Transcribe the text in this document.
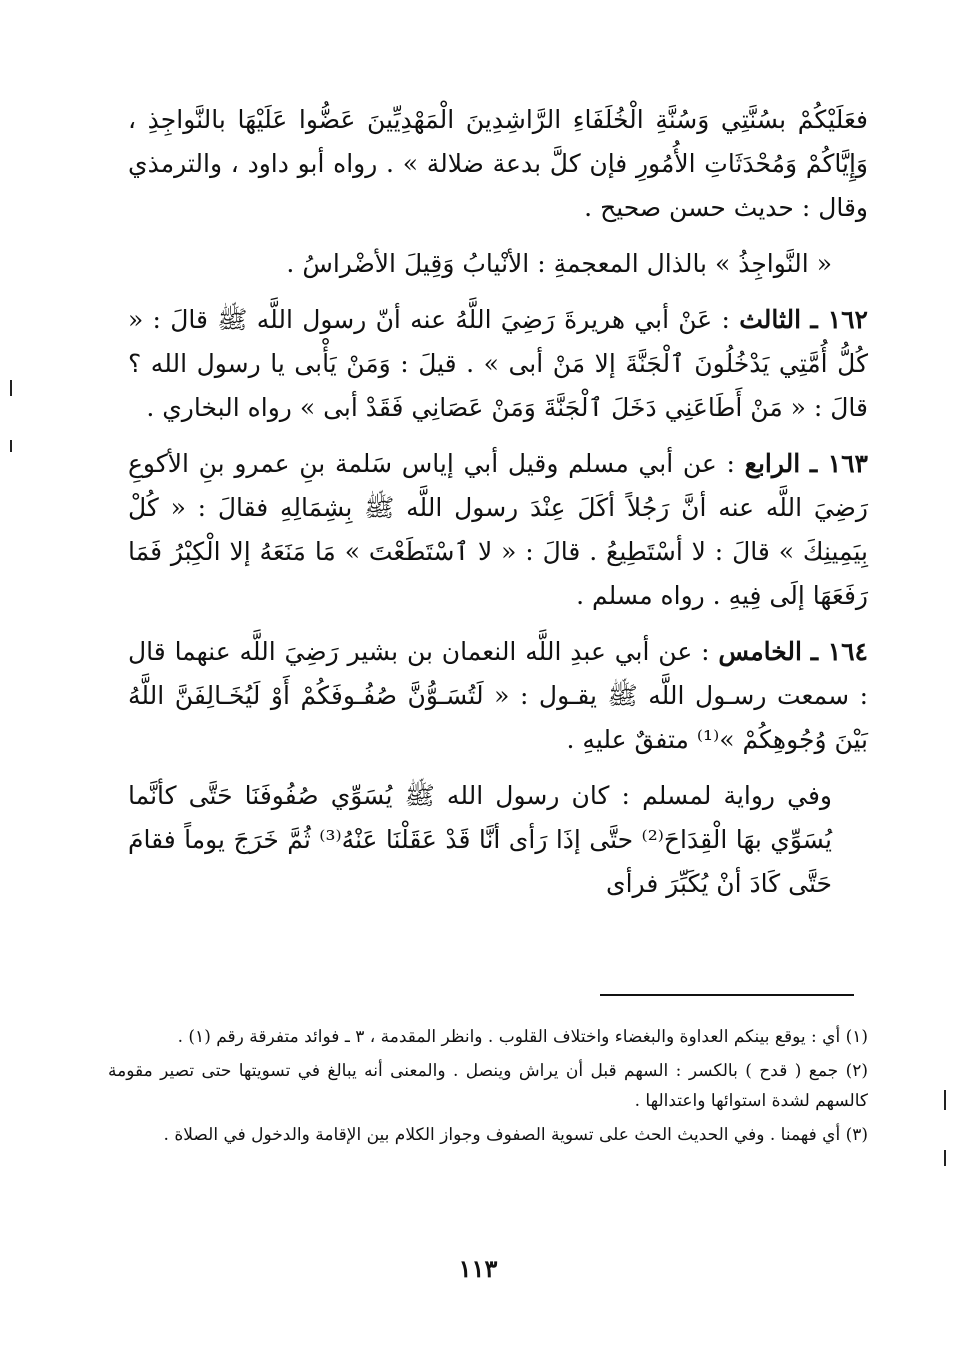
فعَلَيْكُمْ بسُنَّتِي وَسُنَّةِ الْخُلَفَاءِ الرَّاشِدِينَ الْمَهْدِيِّينَ عَضُّوا عَلَيْهَا بالنَّواجِذِ ، وَإِيَّاكُمْ وَمُحْدَثَاتِ الأُمُورِ فإن كلَّ بدعة ضلالة » . رواه أبو داود ، والترمذي وقال : حديث حسن صحيح .

« النَّواجِذُ » بالذال المعجمةِ : الأنْيابُ وَقِيلَ الأضْراسُ .

١٦٢ ـ الثالث : عَنْ أبي هريرةَ رَضِيَ اللَّهُ عنه أنّ رسول اللَّه ﷺ قالَ : « كُلُّ أُمَّتِي يَدْخُلُونَ ٱلْجَنَّةَ إلا مَنْ أبى » . قيلَ : وَمَنْ يَأْبى يا رسول الله ؟ قالَ : « مَنْ أَطَاعَنِي دَخَلَ ٱلْجَنَّةَ وَمَنْ عَصَانِي فَقَدْ أبى » رواه البخاري .

١٦٣ ـ الرابع : عن أبي مسلم وقيل أبي إياس سَلمة بنِ عمرو بنِ الأكوعِ رَضِيَ اللَّه عنه أنَّ رَجُلاً أكَلَ عِنْدَ رسول اللَّه ﷺ بِشِمَالِهِ فقالَ : « كُلْ بِيَمِينِكَ » قالَ : لا أسْتَطِيعُ . قالَ : « لا ٱسْتَطَعْتَ » مَا مَنَعَهُ إلا الْكِبْرُ فَمَا رَفَعَهَا إلَى فِيهِ . رواه مسلم .

١٦٤ ـ الخامس : عن أبي عبدِ اللَّه النعمان بن بشير رَضِيَ اللَّه عنهما قال : سمعت رسـول اللَّه ﷺ يقـول : « لَتُسَـوُّنَّ صُفُـوفَكُمْ أَوْ لَيُخَـالِفَنَّ اللَّهُ بَيْنَ وُجُوهِكُمْ »⁽¹⁾ متفقٌ عليهِ .

وفي رواية لمسلم : كان رسول الله ﷺ يُسَوِّي صُفُوفَنَا حَتَّى كأنَّما يُسَوِّي بهَا الْقِدَاحَ⁽²⁾ حتَّى إذَا رَأى أنَّا قَدْ عَقَلْنَا عَنْهُ⁽³⁾ ثُمَّ خَرَجَ يوماً فقامَ حَتَّى كَادَ أنْ يُكَبِّرَ فرأى

(١) أي : يوقع بينكم العداوة والبغضاء واختلاف القلوب . وانظر المقدمة ، ٣ ـ فوائد متفرقة رقم (١) .

(٢) جمع ( قدح ) بالكسر : السهم قبل أن يراش وينصل . والمعنى أنه يبالغ في تسويتها حتى تصير مقومة كالسهم لشدة استوائها واعتدالها .

(٣) أي فهمنا . وفي الحديث الحث على تسوية الصفوف وجواز الكلام بين الإقامة والدخول في الصلاة .

١١٣
